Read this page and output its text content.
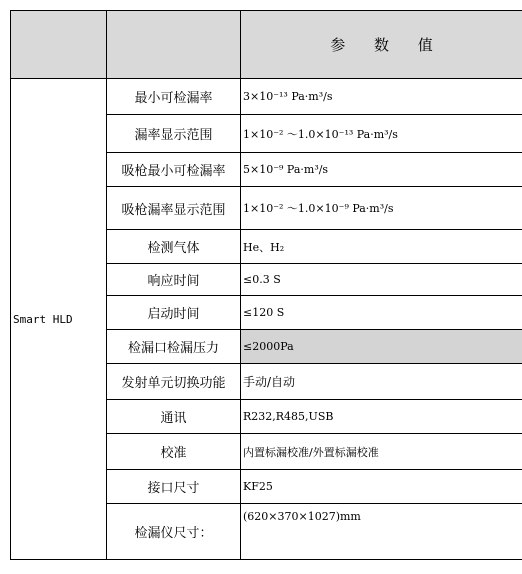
		参 数 值
Smart HLD	最小可检漏率	3×10⁻¹³ Pa·m³/s
	漏率显示范围	1×10⁻² ～1.0×10⁻¹³ Pa·m³/s
	吸枪最小可检漏率	5×10⁻⁹ Pa·m³/s
	吸枪漏率显示范围	1×10⁻² ～1.0×10⁻⁹ Pa·m³/s
	检测气体	He、H₂
	响应时间	≤0.3 S
	启动时间	≤120 S
	检漏口检漏压力	≤2000Pa
	发射单元切换功能	手动/自动
	通讯	R232,R485,USB
	校准	内置标漏校准/外置标漏校准
	接口尺寸	KF25
	检漏仪尺寸：	(620×370×1027)mm
